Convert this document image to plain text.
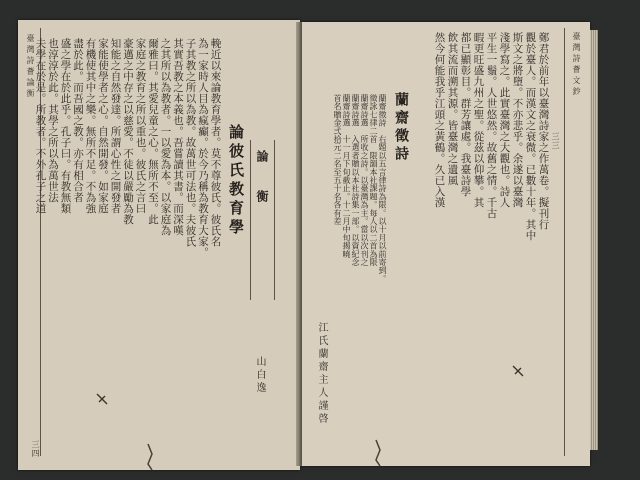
臺灣詩薈論衡
三四
輓近以來論教育學者。莫不尊彼氏。彼氏名
為一家時人目為瘋癲。於今乃稱為教育大家。
子其教之所以為教。故萬世可法也。夫彼氏
其實吾教之本義也。吾嘗讀其書。而深嘆
之其所以為教者。一以愛為本。以家庭為
爾雅曰。其愛兒童之心。無所不至。此
家庭之教育之所以重也。彼氏之言曰
豪邁之中存之以慈愛。不徒以嚴勵為教
知能之自然發達。所謂心性之開發者
家能使學者之心。自然開發。如家庭
有機使其中之樂。無所不足。不為強
盡於此。而吾國之教。亦有相合者
盛之學在於此乎。孔子曰。有教無類
也淳淳於此。其學之所以為萬世法
夫學在於是。所教者。不外孔子之道	論　衡
論彼氏教育學
山白逸
臺灣詩薈文鈔
三三
鄭君於前年以臺灣詩家之作萬卷。擬刊行
觀於臺人。而漢文之衰微。已數十年。其中
斯文之將墮。不亦悲乎。余遂以臺灣
淺學寫之。此實臺灣之大觀也。詩人
平生一鬚。人世悠然。故舊之情。千古
暇更旺盛九州之聖。從茲以仰攀。其
都已顯彰目。群芳讓處。我臺詩學
飲其流而溯其源。皆臺灣之遺風
然今何能我乎江頭之黃鶴。久已入漢
蘭齋徵詩
蘭齋徵詩　右題以五言律詩為限。以十月以前寄到。
徵詠七律二首　限韻本社課題。每人以二首為限
蘭齋詩選　所收之詩。以臺灣為主。當以次刊之
蘭齋詩選　入選者贈以本社詩集一部。以資紀念
蘭齋詩選　十一月下旬截止。十二月中旬揭曉
首名贈金弍拾元二名至五十名各有差
江氏蘭齋主人謹啓
